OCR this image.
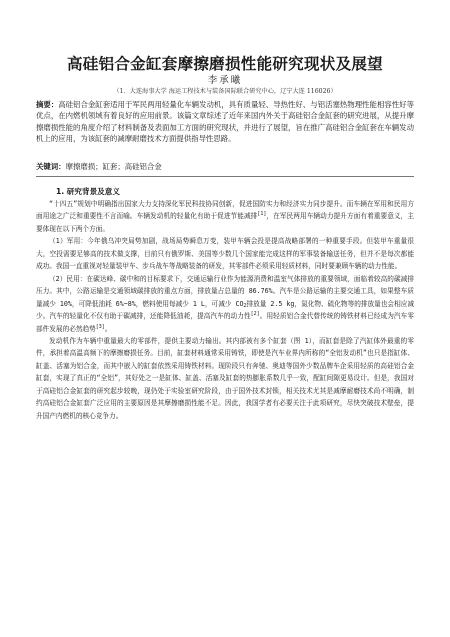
高硅铝合金缸套摩擦磨损性能研究现状及展望
李承曦
（1．大连海事大学 海运工程技术与装备国际联合研究中心，辽宁大连 116026）
摘要：高硅铝合金缸套适用于军民两用轻量化车辆发动机，具有质量轻、导热性好、与铝活塞热物理性能相容性好等优点，在内燃机领域有着良好的应用前景。该篇文章综述了近年来国内外关于高硅铝合金缸套的研究进展，从提升摩擦磨损性能的角度介绍了材料制备及表面加工方面的研究现状，并进行了展望，旨在推广高硅铝合金缸套在车辆发动机上的应用，为该缸套的减摩耐磨技术方面提供指导性思路。
关键词：摩擦磨损；缸套；高硅铝合金
1. 研究背景及意义

“十四五”规划中明确指出国家大力支持深化军民科技协同创新，促进国防实力和经济实力同步提升。而车辆在军用和民用方面用途之广泛和重要性不言而喻。车辆发动机的轻量化有助于促进节能减排[1]，在军民两用车辆动力提升方面有着重要意义，主要体现在以下两个方面。

（1）军用：今年俄乌冲突局势加剧，战场局势瞬息万变，装甲车辆会投是提高战略部署的一种重要手段。但装甲车重量很大，空投需要足够高的技术做支撑，目前只有俄罗斯、美国等少数几个国家能完成这样的军事装备输送任务，但并不是每次都能成功。我国一直重视对轻量装甲车、步兵战车等战略装备的研发，其零部件必须采用轻质材料，同时要兼顾车辆的动力性能。

（2）民用：在碳达峰、碳中和的目标要求下，交通运输行业作为能源消费和温室气体排放的重要领域，面临着较高的碳减排压力。其中，公路运输是交通领域碳排放的重点方面，排放量占总量的 86.76%。汽车是公路运输的主要交通工具，如果整车质量减少 10%，可降低油耗 6%~8%，燃料使用每减少 1 L，可减少 $CO_2$排放量 2.5 kg，氮化物、硫化物等的排放量也会相应减少。汽车的轻量化不仅有助于碳减排，还能降低油耗，提高汽车的动力性[2]。用轻质铝合金代替传统的铸铁材料已经成为汽车零部件发展的必然趋势[3]。

发动机作为车辆中重量最大的零部件，提供主要动力输出。其内部被有多个缸套（图 1），而缸套是除了汽缸体外最重的零件，承担着高温高频下的摩擦磨损任务。目前，缸套材料通常采用铸铁，即使是汽车业界内所称的“全铝发动机”也只是指缸体、缸盖、活塞为铝合金，而其中嵌入的缸套依然采用铸铁材料。现阶段只有奔驰、奥迪等国外少数品牌车企采用轻质的高硅铝合金缸套，实现了真正的“全铝”，其好处之一是缸体、缸盖、活塞及缸套的热膨胀系数几乎一致，配缸间隙更易设计。但是，我国对于高硅铝合金缸套的研究起步较晚，现仍处于实验室研究阶段，由于国外技术封锁，相关技术尤其是减摩耐磨技术尚不明确，制约高硅铝合金缸套广泛应用的主要原因是其摩擦磨损性能不足。因此，我国学者有必要关注于此项研究，尽快突破技术壁垒，提升国产内燃机的核心竞争力。
